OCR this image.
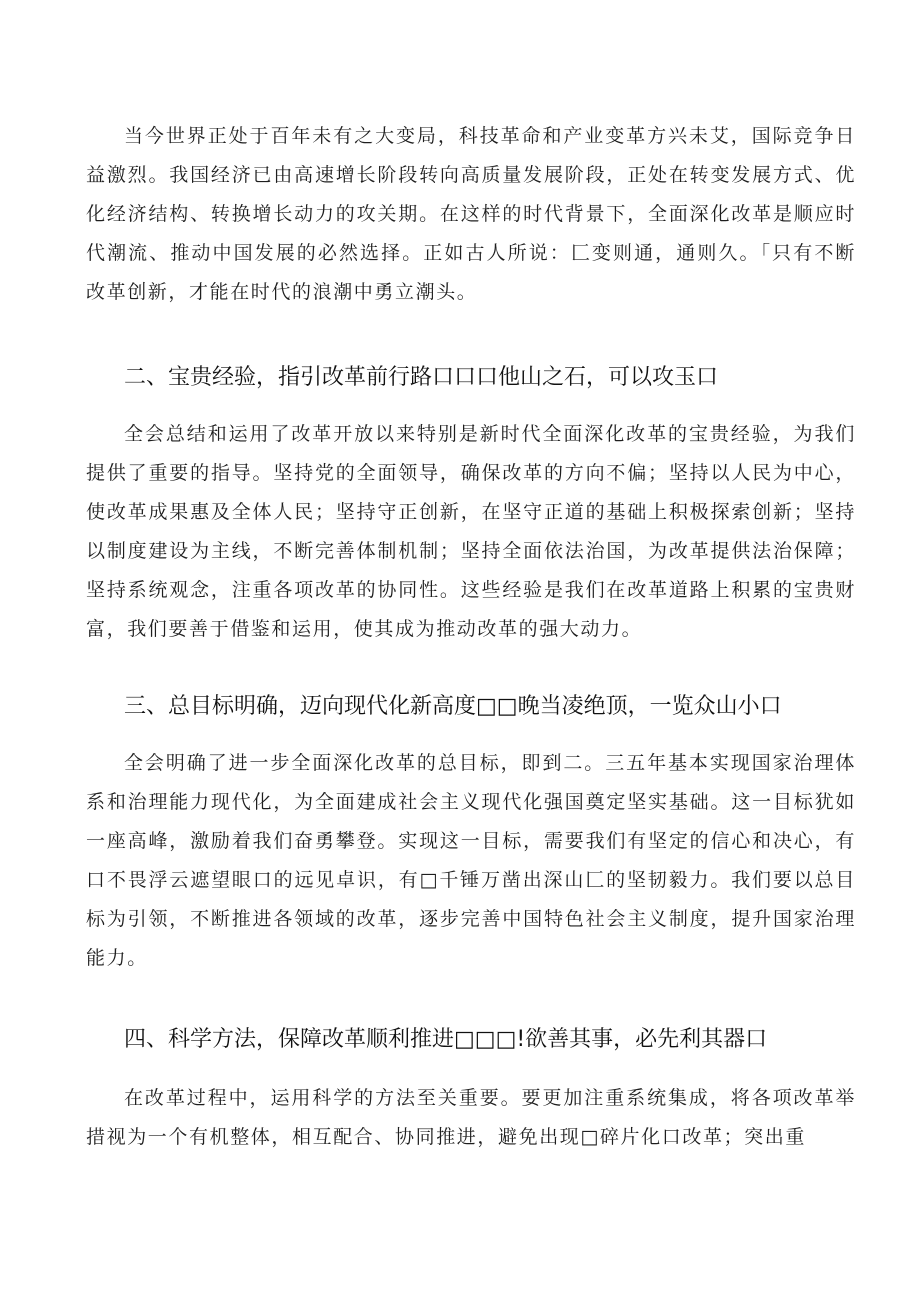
当今世界正处于百年未有之大变局，科技革命和产业变革方兴未艾，国际竞争日益激烈。我国经济已由高速增长阶段转向高质量发展阶段，正处在转变发展方式、优化经济结构、转换增长动力的攻关期。在这样的时代背景下，全面深化改革是顺应时代潮流、推动中国发展的必然选择。正如古人所说：匚变则通，通则久。「只有不断改革创新，才能在时代的浪潮中勇立潮头。

二、宝贵经验，指引改革前行路口口口他山之石，可以攻玉口

全会总结和运用了改革开放以来特别是新时代全面深化改革的宝贵经验，为我们提供了重要的指导。坚持党的全面领导，确保改革的方向不偏；坚持以人民为中心，使改革成果惠及全体人民；坚持守正创新，在坚守正道的基础上积极探索创新；坚持以制度建设为主线，不断完善体制机制；坚持全面依法治国，为改革提供法治保障；坚持系统观念，注重各项改革的协同性。这些经验是我们在改革道路上积累的宝贵财富，我们要善于借鉴和运用，使其成为推动改革的强大动力。

三、总目标明确，迈向现代化新高度□□晚当凌绝顶，一览众山小口

全会明确了进一步全面深化改革的总目标，即到二。三五年基本实现国家治理体系和治理能力现代化，为全面建成社会主义现代化强国奠定坚实基础。这一目标犹如一座高峰，激励着我们奋勇攀登。实现这一目标，需要我们有坚定的信心和决心，有口不畏浮云遮望眼口的远见卓识，有□千锤万凿出深山匚的坚韧毅力。我们要以总目标为引领，不断推进各领域的改革，逐步完善中国特色社会主义制度，提升国家治理能力。

四、科学方法，保障改革顺利推进□□□!欲善其事，必先利其器口

在改革过程中，运用科学的方法至关重要。要更加注重系统集成，将各项改革举措视为一个有机整体，相互配合、协同推进，避免出现□碎片化口改革；突出重
